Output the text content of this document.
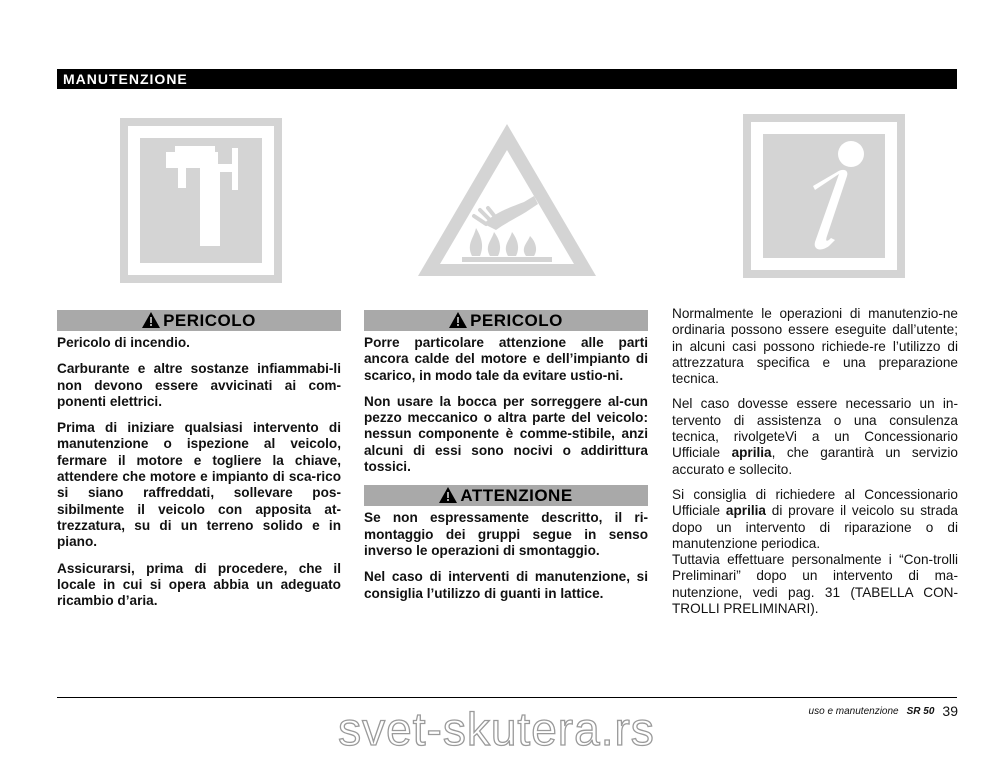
MANUTENZIONE
PERICOLO

Pericolo di incendio.

Carburante e altre sostanze infiammabi-li non devono essere avvicinati ai com-ponenti elettrici.

Prima di iniziare qualsiasi intervento di manutenzione o ispezione al veicolo, fermare il motore e togliere la chiave, attendere che motore e impianto di sca-rico si siano raffreddati, sollevare pos-sibilmente il veicolo con apposita at-trezzatura, su di un terreno solido e in piano.

Assicurarsi, prima di procedere, che il locale in cui si opera abbia un adeguato ricambio d’aria.

PERICOLO

Porre particolare attenzione alle parti ancora calde del motore e dell’impianto di scarico, in modo tale da evitare ustio-ni.

Non usare la bocca per sorreggere al-cun pezzo meccanico o altra parte del veicolo: nessun componente è comme-stibile, anzi alcuni di essi sono nocivi o addirittura tossici.

ATTENZIONE

Se non espressamente descritto, il ri-montaggio dei gruppi segue in senso inverso le operazioni di smontaggio.

Nel caso di interventi di manutenzione, si consiglia l’utilizzo di guanti in lattice.

Normalmente le operazioni di manutenzio-ne ordinaria possono essere eseguite dall’utente; in alcuni casi possono richiede-re l’utilizzo di attrezzatura specifica e una preparazione tecnica.

Nel caso dovesse essere necessario un in-tervento di assistenza o una consulenza tecnica, rivolgeteVi a un Concessionario Ufficiale aprilia, che garantirà un servizio accurato e sollecito.

Si consiglia di richiedere al Concessionario Ufficiale aprilia di provare il veicolo su strada dopo un intervento di riparazione o di manutenzione periodica.

Tuttavia effettuare personalmente i “Con-trolli Preliminari” dopo un intervento di ma-nutenzione, vedi pag. 31 (TABELLA CON-TROLLI PRELIMINARI).

uso e manutenzione SR 50 39
svet-skutera.rs
